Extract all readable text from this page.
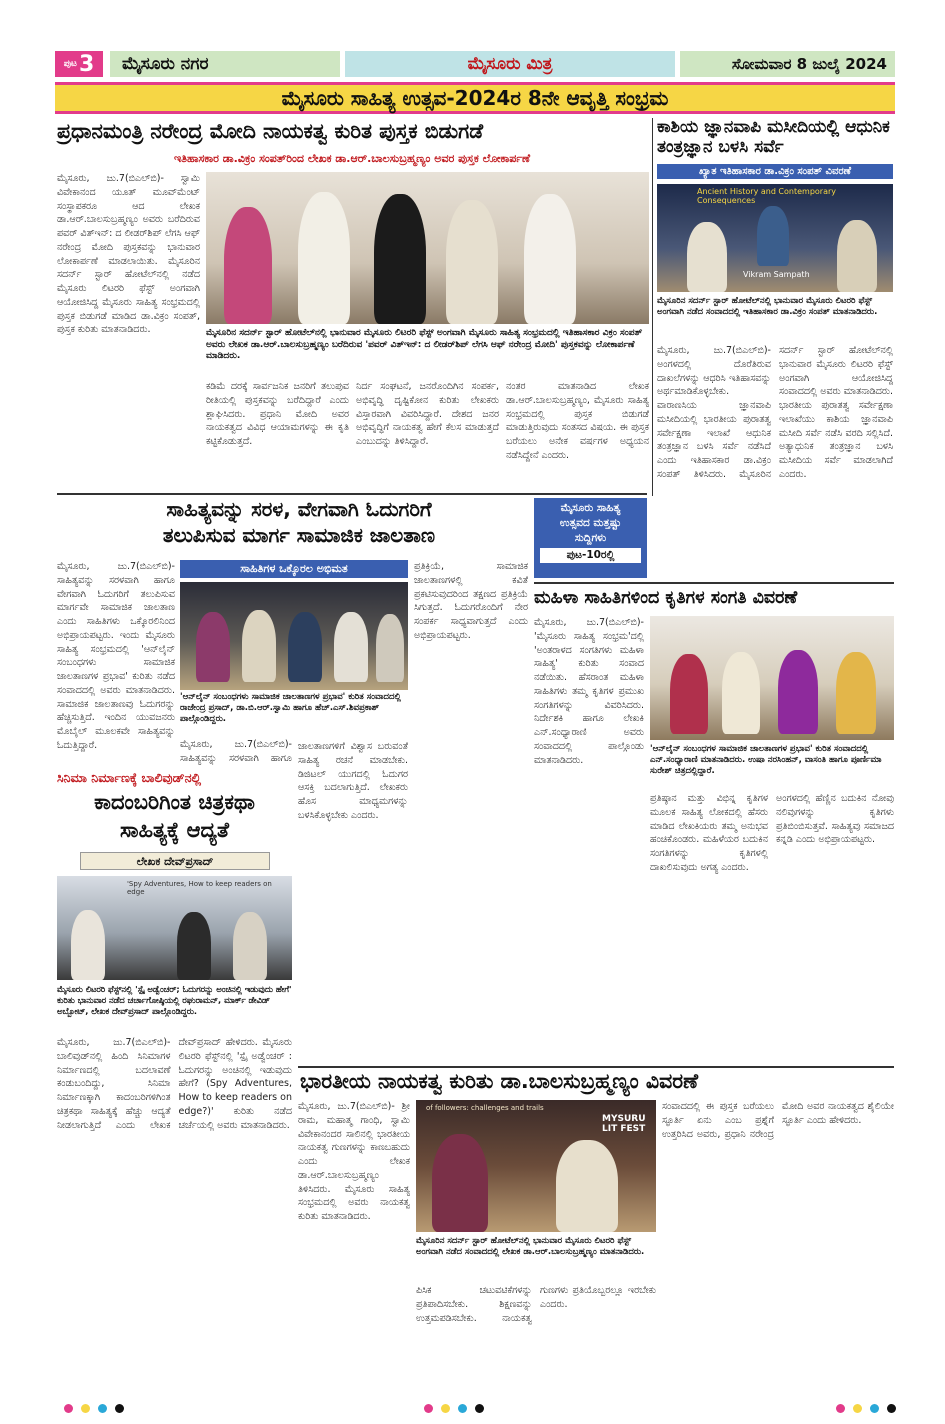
ಪುಟ 3	ಮೈಸೂರು ನಗರ	ಮೈಸೂರು ಮಿತ್ರ	ಸೋಮವಾರ 8 ಜುಲೈ 2024
ಮೈಸೂರು ಸಾಹಿತ್ಯ ಉತ್ಸವ-2024ರ 8ನೇ ಆವೃತ್ತಿ ಸಂಭ್ರಮ
ಪ್ರಧಾನಮಂತ್ರಿ ನರೇಂದ್ರ ಮೋದಿ ನಾಯಕತ್ವ ಕುರಿತ ಪುಸ್ತಕ ಬಿಡುಗಡೆ
ಇತಿಹಾಸಕಾರ ಡಾ.ವಿಕ್ರಂ ಸಂಪತ್‌ರಿಂದ ಲೇಖಕ ಡಾ.ಆರ್.ಬಾಲಸುಬ್ರಹ್ಮಣ್ಯಂ ಅವರ ಪುಸ್ತಕ ಲೋಕಾರ್ಪಣೆ
ಮೈಸೂರು, ಜು.7(ಬಿಎಲ್‌ಬಿ)- ಸ್ವಾಮಿ ವಿವೇಕಾನಂದ ಯೂತ್ ಮೂವ್‌ಮೆಂಟ್ ಸಂಸ್ಥಾಪಕರೂ ಆದ ಲೇಖಕ ಡಾ.ಆರ್.ಬಾಲಸುಬ್ರಹ್ಮಣ್ಯಂ ಅವರು ಬರೆದಿರುವ ಪವರ್ ವಿತ್ಇನ್: ದ ಲೀಡರ್‌ಶಿಪ್ ಲೆಗಸಿ ಆಫ್ ನರೇಂದ್ರ ಮೋದಿ ಪುಸ್ತಕವನ್ನು ಭಾನುವಾರ ಲೋಕಾರ್ಪಣೆ ಮಾಡಲಾಯಿತು. ಮೈಸೂರಿನ ಸದರ್ನ್ ಸ್ಟಾರ್ ಹೋಟೆಲ್‌ನಲ್ಲಿ ನಡೆದ ಮೈಸೂರು ಲಿಟರರಿ ಫೆಸ್ಟ್ ಅಂಗವಾಗಿ ಆಯೋಜಿಸಿದ್ದ ಮೈಸೂರು ಸಾಹಿತ್ಯ ಸಂಭ್ರಮದಲ್ಲಿ ಪುಸ್ತಕ ಬಿಡುಗಡೆ ಮಾಡಿದ ಡಾ.ವಿಕ್ರಂ ಸಂಪತ್, ಪುಸ್ತಕ ಕುರಿತು ಮಾತನಾಡಿದರು.	ಮೈಸೂರಿನ ಸದರ್ನ್ ಸ್ಟಾರ್ ಹೋಟೆಲ್‌ನಲ್ಲಿ ಭಾನುವಾರ ಮೈಸೂರು ಲಿಟರರಿ ಫೆಸ್ಟ್ ಅಂಗವಾಗಿ ಮೈಸೂರು ಸಾಹಿತ್ಯ ಸಂಭ್ರಮದಲ್ಲಿ ಇತಿಹಾಸಕಾರ ವಿಕ್ರಂ ಸಂಪತ್ ಅವರು ಲೇಖಕ ಡಾ.ಆರ್.ಬಾಲಸುಬ್ರಹ್ಮಣ್ಯಂ ಬರೆದಿರುವ 'ಪವರ್ ವಿತ್ಇನ್: ದ ಲೀಡರ್‌ಶಿಪ್ ಲೆಗಸಿ ಆಫ್ ನರೇಂದ್ರ ಮೋದಿ' ಪುಸ್ತಕವನ್ನು ಲೋಕಾರ್ಪಣೆ ಮಾಡಿದರು.
ಕಡಿಮೆ ದರಕ್ಕೆ ಸಾರ್ವಜನಿಕ ಜನರಿಗೆ ತಲುಪುವ ರೀತಿಯಲ್ಲಿ ಪುಸ್ತಕವನ್ನು ಬರೆದಿದ್ದಾರೆ ಎಂದು ಶ್ಲಾಘಿಸಿದರು. ಪ್ರಧಾನಿ ಮೋದಿ ಅವರ ನಾಯಕತ್ವದ ವಿವಿಧ ಆಯಾಮಗಳನ್ನು ಈ ಕೃತಿ ಕಟ್ಟಿಕೊಡುತ್ತದೆ.
ನಿರ್ದ ಸಂಘಟನೆ, ಜನರೊಂದಿಗಿನ ಸಂಪರ್ಕ, ಅಭಿವೃದ್ಧಿ ದೃಷ್ಟಿಕೋನ ಕುರಿತು ಲೇಖಕರು ವಿಸ್ತಾರವಾಗಿ ವಿವರಿಸಿದ್ದಾರೆ. ದೇಶದ ಜನರ ಅಭಿವೃದ್ಧಿಗೆ ನಾಯಕತ್ವ ಹೇಗೆ ಕೆಲಸ ಮಾಡುತ್ತದೆ ಎಂಬುದನ್ನು ತಿಳಿಸಿದ್ದಾರೆ.
ನಂತರ ಮಾತನಾಡಿದ ಲೇಖಕ ಡಾ.ಆರ್.ಬಾಲಸುಬ್ರಹ್ಮಣ್ಯಂ, ಮೈಸೂರು ಸಾಹಿತ್ಯ ಸಂಭ್ರಮದಲ್ಲಿ ಪುಸ್ತಕ ಬಿಡುಗಡೆ ಮಾಡುತ್ತಿರುವುದು ಸಂತಸದ ವಿಷಯ. ಈ ಪುಸ್ತಕ ಬರೆಯಲು ಅನೇಕ ವರ್ಷಗಳ ಅಧ್ಯಯನ ನಡೆಸಿದ್ದೇನೆ ಎಂದರು.
ಕಾಶಿಯ ಜ್ಞಾನವಾಪಿ ಮಸೀದಿಯಲ್ಲಿ ಆಧುನಿಕ ತಂತ್ರಜ್ಞಾನ ಬಳಸಿ ಸರ್ವೆ
ಖ್ಯಾತ ಇತಿಹಾಸಕಾರ ಡಾ.ವಿಕ್ರಂ ಸಂಪತ್ ವಿವರಣೆ
Ancient History and Contemporary Consequences
Vikram Sampath
ಮೈಸೂರಿನ ಸದರ್ನ್ ಸ್ಟಾರ್ ಹೋಟೆಲ್‌ನಲ್ಲಿ ಭಾನುವಾರ ಮೈಸೂರು ಲಿಟರರಿ ಫೆಸ್ಟ್ ಅಂಗವಾಗಿ ನಡೆದ ಸಂವಾದದಲ್ಲಿ ಇತಿಹಾಸಕಾರ ಡಾ.ವಿಕ್ರಂ ಸಂಪತ್ ಮಾತನಾಡಿದರು.
ಮೈಸೂರು, ಜು.7(ಬಿಎಲ್‌ಬಿ)- ಅಂಗಳದಲ್ಲಿ ದೊರೆತಿರುವ ದಾಖಲೆಗಳನ್ನು ಆಧರಿಸಿ ಇತಿಹಾಸವನ್ನು ಅರ್ಥಮಾಡಿಕೊಳ್ಳಬೇಕು. ವಾರಾಣಸಿಯ ಜ್ಞಾನವಾಪಿ ಮಸೀದಿಯಲ್ಲಿ ಭಾರತೀಯ ಪುರಾತತ್ವ ಸರ್ವೇಕ್ಷಣಾ ಇಲಾಖೆ ಆಧುನಿಕ ತಂತ್ರಜ್ಞಾನ ಬಳಸಿ ಸರ್ವೆ ನಡೆಸಿದೆ ಎಂದು ಇತಿಹಾಸಕಾರ ಡಾ.ವಿಕ್ರಂ ಸಂಪತ್ ತಿಳಿಸಿದರು. ಮೈಸೂರಿನ ಸದರ್ನ್ ಸ್ಟಾರ್ ಹೋಟೆಲ್‌ನಲ್ಲಿ ಭಾನುವಾರ ಮೈಸೂರು ಲಿಟರರಿ ಫೆಸ್ಟ್ ಅಂಗವಾಗಿ ಆಯೋಜಿಸಿದ್ದ ಸಂವಾದದಲ್ಲಿ ಅವರು ಮಾತನಾಡಿದರು. ಭಾರತೀಯ ಪುರಾತತ್ವ ಸರ್ವೇಕ್ಷಣಾ ಇಲಾಖೆಯು ಕಾಶಿಯ ಜ್ಞಾನವಾಪಿ ಮಸೀದಿ ಸರ್ವೆ ನಡೆಸಿ ವರದಿ ಸಲ್ಲಿಸಿದೆ. ಅತ್ಯಾಧುನಿಕ ತಂತ್ರಜ್ಞಾನ ಬಳಸಿ ಮಸೀದಿಯ ಸರ್ವೆ ಮಾಡಲಾಗಿದೆ ಎಂದರು.
ಸಾಹಿತ್ಯವನ್ನು ಸರಳ, ವೇಗವಾಗಿ ಓದುಗರಿಗೆ
ತಲುಪಿಸುವ ಮಾರ್ಗ ಸಾಮಾಜಿಕ ಜಾಲತಾಣ
ಮೈಸೂರು ಸಾಹಿತ್ಯ
ಉತ್ಸವದ ಮತ್ತಷ್ಟು
ಸುದ್ದಿಗಳು
ಪುಟ-10ರಲ್ಲಿ
ಸಾಹಿತಿಗಳ ಒಕ್ಕೊರಲ ಅಭಿಮತ
ಮೈಸೂರು, ಜು.7(ಬಿಎಲ್‌ಬಿ)- ಸಾಹಿತ್ಯವನ್ನು ಸರಳವಾಗಿ ಹಾಗೂ ವೇಗವಾಗಿ ಓದುಗರಿಗೆ ತಲುಪಿಸುವ ಮಾರ್ಗವೇ ಸಾಮಾಜಿಕ ಜಾಲತಾಣ ಎಂದು ಸಾಹಿತಿಗಳು ಒಕ್ಕೊರಲಿನಿಂದ ಅಭಿಪ್ರಾಯಪಟ್ಟರು. ಇಂದು ಮೈಸೂರು ಸಾಹಿತ್ಯ ಸಂಭ್ರಮದಲ್ಲಿ 'ಆನ್‌ಲೈನ್ ಸಂಬಂಧಗಳು ಸಾಮಾಜಿಕ ಜಾಲತಾಣಗಳ ಪ್ರಭಾವ' ಕುರಿತು ನಡೆದ ಸಂವಾದದಲ್ಲಿ ಅವರು ಮಾತನಾಡಿದರು. ಸಾಮಾಜಿಕ ಜಾಲತಾಣವು ಓದುಗರನ್ನು ಹೆಚ್ಚಿಸುತ್ತಿದೆ. ಇಂದಿನ ಯುವಜನರು ಮೊಬೈಲ್ ಮೂಲಕವೇ ಸಾಹಿತ್ಯವನ್ನು ಓದುತ್ತಿದ್ದಾರೆ.
'ಆನ್‌ಲೈನ್ ಸಂಬಂಧಗಳು ಸಾಮಾಜಿಕ ಜಾಲತಾಣಗಳ ಪ್ರಭಾವ' ಕುರಿತ ಸಂವಾದದಲ್ಲಿ ರಾಜೇಂದ್ರ ಪ್ರಸಾದ್, ಡಾ.ಬಿ.ಆರ್.ಸ್ವಾಮಿ ಹಾಗೂ ಹೆಚ್.ಎಸ್.ಶಿವಪ್ರಕಾಶ್ ಪಾಲ್ಗೊಂಡಿದ್ದರು.
ಮಹಿಳಾ ಸಾಹಿತಿಗಳಿಂದ ಕೃತಿಗಳ ಸಂಗತಿ ವಿವರಣೆ
ಮೈಸೂರು, ಜು.7(ಬಿಎಲ್‌ಬಿ)- 'ಮೈಸೂರು ಸಾಹಿತ್ಯ ಸಂಭ್ರಮ'ದಲ್ಲಿ 'ಅಂತರಾಳದ ಸಂಗತಿಗಳು ಮಹಿಳಾ ಸಾಹಿತ್ಯ' ಕುರಿತು ಸಂವಾದ ನಡೆಯಿತು. ಹೆಸರಾಂತ ಮಹಿಳಾ ಸಾಹಿತಿಗಳು ತಮ್ಮ ಕೃತಿಗಳ ಪ್ರಮುಖ ಸಂಗತಿಗಳನ್ನು ವಿವರಿಸಿದರು. ನಿರ್ದೇಶಕಿ ಹಾಗೂ ಲೇಖಕಿ ಎನ್.ಸಂಧ್ಯಾರಾಣಿ ಅವರು ಸಂವಾದದಲ್ಲಿ ಪಾಲ್ಗೊಂಡು ಮಾತನಾಡಿದರು.
'ಆನ್‌ಲೈನ್ ಸಂಬಂಧಗಳ ಸಾಮಾಜಿಕ ಜಾಲತಾಣಗಳ ಪ್ರಭಾವ' ಕುರಿತ ಸಂವಾದದಲ್ಲಿ ಎನ್.ಸಂಧ್ಯಾರಾಣಿ ಮಾತನಾಡಿದರು. ಉಷಾ ನರಸಿಂಹನ್, ವಾಸಂತಿ ಹಾಗೂ ಪೂರ್ಣಿಮಾ ಸುರೇಶ್ ಚಿತ್ರದಲ್ಲಿದ್ದಾರೆ.
ಪ್ರತಿಷ್ಠಾನ ಮತ್ತು ವಿಭಿನ್ನ ಕೃತಿಗಳ ಮೂಲಕ ಸಾಹಿತ್ಯ ಲೋಕದಲ್ಲಿ ಹೆಸರು ಮಾಡಿದ ಲೇಖಕಿಯರು ತಮ್ಮ ಅನುಭವ ಹಂಚಿಕೊಂಡರು. ಮಹಿಳೆಯರ ಬದುಕಿನ ಸಂಗತಿಗಳನ್ನು ಕೃತಿಗಳಲ್ಲಿ ದಾಖಲಿಸುವುದು ಅಗತ್ಯ ಎಂದರು.
ಅಂಗಳದಲ್ಲಿ ಹೆಣ್ಣಿನ ಬದುಕಿನ ನೋವು ನಲಿವುಗಳನ್ನು ಕೃತಿಗಳು ಪ್ರತಿಬಿಂಬಿಸುತ್ತವೆ. ಸಾಹಿತ್ಯವು ಸಮಾಜದ ಕನ್ನಡಿ ಎಂದು ಅಭಿಪ್ರಾಯಪಟ್ಟರು.
ಪ್ರತಿಕ್ರಿಯೆ, ಸಾಮಾಜಿಕ ಜಾಲತಾಣಗಳಲ್ಲಿ ಕವಿತೆ ಪ್ರಕಟಿಸುವುದರಿಂದ ತಕ್ಷಣದ ಪ್ರತಿಕ್ರಿಯೆ ಸಿಗುತ್ತದೆ. ಓದುಗರೊಂದಿಗೆ ನೇರ ಸಂಪರ್ಕ ಸಾಧ್ಯವಾಗುತ್ತದೆ ಎಂದು ಅಭಿಪ್ರಾಯಪಟ್ಟರು.
ಸಿನಿಮಾ ನಿರ್ಮಾಣಕ್ಕೆ ಬಾಲಿವುಡ್‌ನಲ್ಲಿ
ಕಾದಂಬರಿಗಿಂತ ಚಿತ್ರಕಥಾ
ಸಾಹಿತ್ಯಕ್ಕೆ ಆದ್ಯತೆ
ಲೇಖಕ ದೇವ್‌ಪ್ರಸಾದ್
'Spy Adventures, How to keep readers on edge
ಮೈಸೂರು ಲಿಟರರಿ ಫೆಸ್ಟ್‌ನಲ್ಲಿ 'ಸ್ಪೈ ಅಡ್ವೆಂಚರ್; ಓದುಗರನ್ನು ಅಂಚಿನಲ್ಲಿ ಇಡುವುದು ಹೇಗೆ' ಕುರಿತು ಭಾನುವಾರ ನಡೆದ ಚರ್ಚಾಗೋಷ್ಠಿಯಲ್ಲಿ ರಘುರಾಮನ್, ಮಾರ್ಕ್ ಡೇವಿಡ್ ಅಬ್ಬೋಟ್, ಲೇಖಕ ದೇವ್‌ಪ್ರಸಾದ್ ಪಾಲ್ಗೊಂಡಿದ್ದರು.
ಮೈಸೂರು, ಜು.7(ಬಿಎಲ್‌ಬಿ)- ಬಾಲಿವುಡ್‌ನಲ್ಲಿ ಹಿಂದಿ ಸಿನಿಮಾಗಳ ನಿರ್ಮಾಣದಲ್ಲಿ ಬದಲಾವಣೆ ಕಂಡುಬಂದಿದ್ದು, ಸಿನಿಮಾ ನಿರ್ಮಾಣಕ್ಕಾಗಿ ಕಾದಂಬರಿಗಳಿಗಿಂತ ಚಿತ್ರಕಥಾ ಸಾಹಿತ್ಯಕ್ಕೆ ಹೆಚ್ಚು ಆದ್ಯತೆ ನೀಡಲಾಗುತ್ತಿದೆ ಎಂದು ಲೇಖಕ ದೇವ್‌ಪ್ರಸಾದ್ ಹೇಳಿದರು. ಮೈಸೂರು ಲಿಟರರಿ ಫೆಸ್ಟ್‌ನಲ್ಲಿ 'ಸ್ಪೈ ಅಡ್ವೆಂಚರ್ : ಓದುಗರನ್ನು ಅಂಚಿನಲ್ಲಿ ಇಡುವುದು ಹೇಗೆ? (Spy Adventures, How to keep readers on edge?)' ಕುರಿತು ನಡೆದ ಚರ್ಚೆಯಲ್ಲಿ ಅವರು ಮಾತನಾಡಿದರು.
ಜಾಲತಾಣಗಳಿಗೆ ವಿಶ್ವಾಸ ಬರುವಂತೆ ಸಾಹಿತ್ಯ ರಚನೆ ಮಾಡಬೇಕು. ಡಿಜಿಟಲ್ ಯುಗದಲ್ಲಿ ಓದುಗರ ಆಸಕ್ತಿ ಬದಲಾಗುತ್ತಿದೆ. ಲೇಖಕರು ಹೊಸ ಮಾಧ್ಯಮಗಳನ್ನು ಬಳಸಿಕೊಳ್ಳಬೇಕು ಎಂದರು.
ಮೈಸೂರು, ಜು.7(ಬಿಎಲ್‌ಬಿ)- ಸಾಹಿತ್ಯವನ್ನು ಸರಳವಾಗಿ ಹಾಗೂ
ಭಾರತೀಯ ನಾಯಕತ್ವ ಕುರಿತು ಡಾ.ಬಾಲಸುಬ್ರಹ್ಮಣ್ಯಂ ವಿವರಣೆ
ಮೈಸೂರು, ಜು.7(ಬಿಎಲ್‌ಬಿ)- ಶ್ರೀ ರಾಮ, ಮಹಾತ್ಮ ಗಾಂಧಿ, ಸ್ವಾಮಿ ವಿವೇಕಾನಂದರ ಸಾಲಿನಲ್ಲಿ ಭಾರತೀಯ ನಾಯಕತ್ವ ಗುಣಗಳನ್ನು ಕಾಣಬಹುದು ಎಂದು ಲೇಖಕ ಡಾ.ಆರ್.ಬಾಲಸುಬ್ರಹ್ಮಣ್ಯಂ ತಿಳಿಸಿದರು. ಮೈಸೂರು ಸಾಹಿತ್ಯ ಸಂಭ್ರಮದಲ್ಲಿ ಅವರು ನಾಯಕತ್ವ ಕುರಿತು ಮಾತನಾಡಿದರು.
of followers: challenges and trails
MYSURU LIT FEST
ಮೈಸೂರಿನ ಸದರ್ನ್ ಸ್ಟಾರ್ ಹೋಟೆಲ್‌ನಲ್ಲಿ ಭಾನುವಾರ ಮೈಸೂರು ಲಿಟರರಿ ಫೆಸ್ಟ್ ಅಂಗವಾಗಿ ನಡೆದ ಸಂವಾದದಲ್ಲಿ ಲೇಖಕ ಡಾ.ಆರ್.ಬಾಲಸುಬ್ರಹ್ಮಣ್ಯಂ ಮಾತನಾಡಿದರು.
ಪಿಸಿಕ ಚಟುವಟಿಕೆಗಳನ್ನು ಪ್ರತಿಪಾದಿಸಬೇಕು. ಶಿಕ್ಷಣವನ್ನು ಉತ್ತಮಪಡಿಸಬೇಕು. ನಾಯಕತ್ವ ಗುಣಗಳು ಪ್ರತಿಯೊಬ್ಬರಲ್ಲೂ ಇರಬೇಕು ಎಂದರು.
ಸಂವಾದದಲ್ಲಿ ಈ ಪುಸ್ತಕ ಬರೆಯಲು ಸ್ಫೂರ್ತಿ ಏನು ಎಂಬ ಪ್ರಶ್ನೆಗೆ ಉತ್ತರಿಸಿದ ಅವರು, ಪ್ರಧಾನಿ ನರೇಂದ್ರ ಮೋದಿ ಅವರ ನಾಯಕತ್ವದ ಶೈಲಿಯೇ ಸ್ಫೂರ್ತಿ ಎಂದು ಹೇಳಿದರು.
